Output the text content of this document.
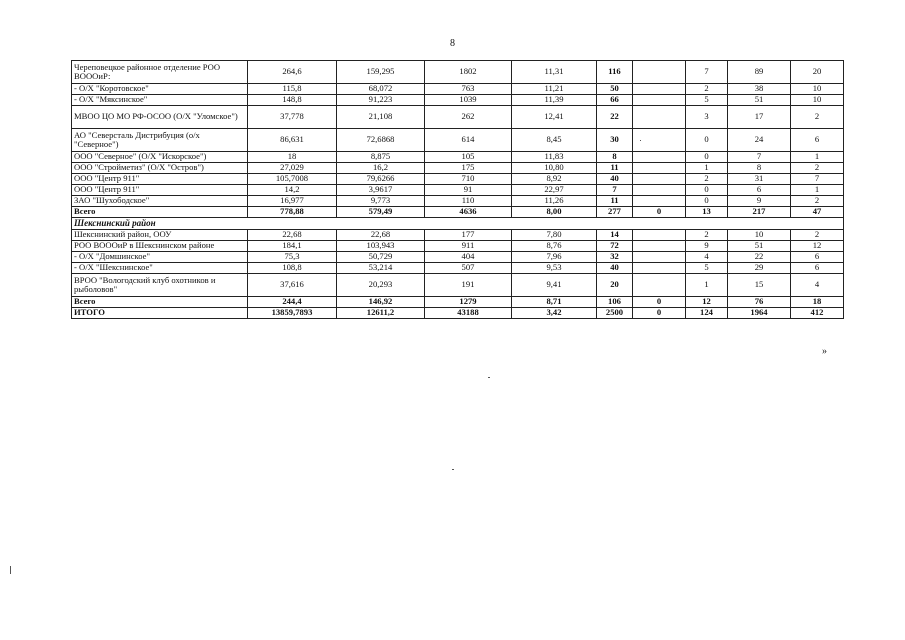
8
Череповецкое районное отделение РОО ВОООиР:	264,6	159,295	1802	11,31	116		7	89	20
- О/Х "Коротовское"	115,8	68,072	763	11,21	50		2	38	10
- О/Х "Мяксинское"	148,8	91,223	1039	11,39	66		5	51	10
МВОО ЦО МО РФ-ОСОО (О/Х "Уломское")	37,778	21,108	262	12,41	22		3	17	2
АО "Северсталь Дистрибуция (о/х "Северное")	86,631	72,6868	614	8,45	30		0	24	6
ООО "Северное" (О/Х "Искорское")	18	8,875	105	11,83	8		0	7	1
ООО "Стройметиз" (О/Х "Остров")	27,029	16,2	175	10,80	11		1	8	2
ООО "Центр 911"	105,7008	79,6266	710	8,92	40		2	31	7
ООО "Центр 911"	14,2	3,9617	91	22,97	7		0	6	1
ЗАО "Шухободское"	16,977	9,773	110	11,26	11		0	9	2
Всего	778,88	579,49	4636	8,00	277	0	13	217	47
Шекснинский район									
Шекснинский район, ООУ	22,68	22,68	177	7,80	14		2	10	2
РОО ВОООиР в Шекснинском районе	184,1	103,943	911	8,76	72		9	51	12
- О/Х "Домшинское"	75,3	50,729	404	7,96	32		4	22	6
- О/Х "Шекснинское"	108,8	53,214	507	9,53	40		5	29	6
ВРОО "Вологодский клуб охотников и рыболовов"	37,616	20,293	191	9,41	20		1	15	4
Всего	244,4	146,92	1279	8,71	106	0	12	76	18
ИТОГО	13859,7893	12611,2	43188	3,42	2500	0	124	1964	412
»
